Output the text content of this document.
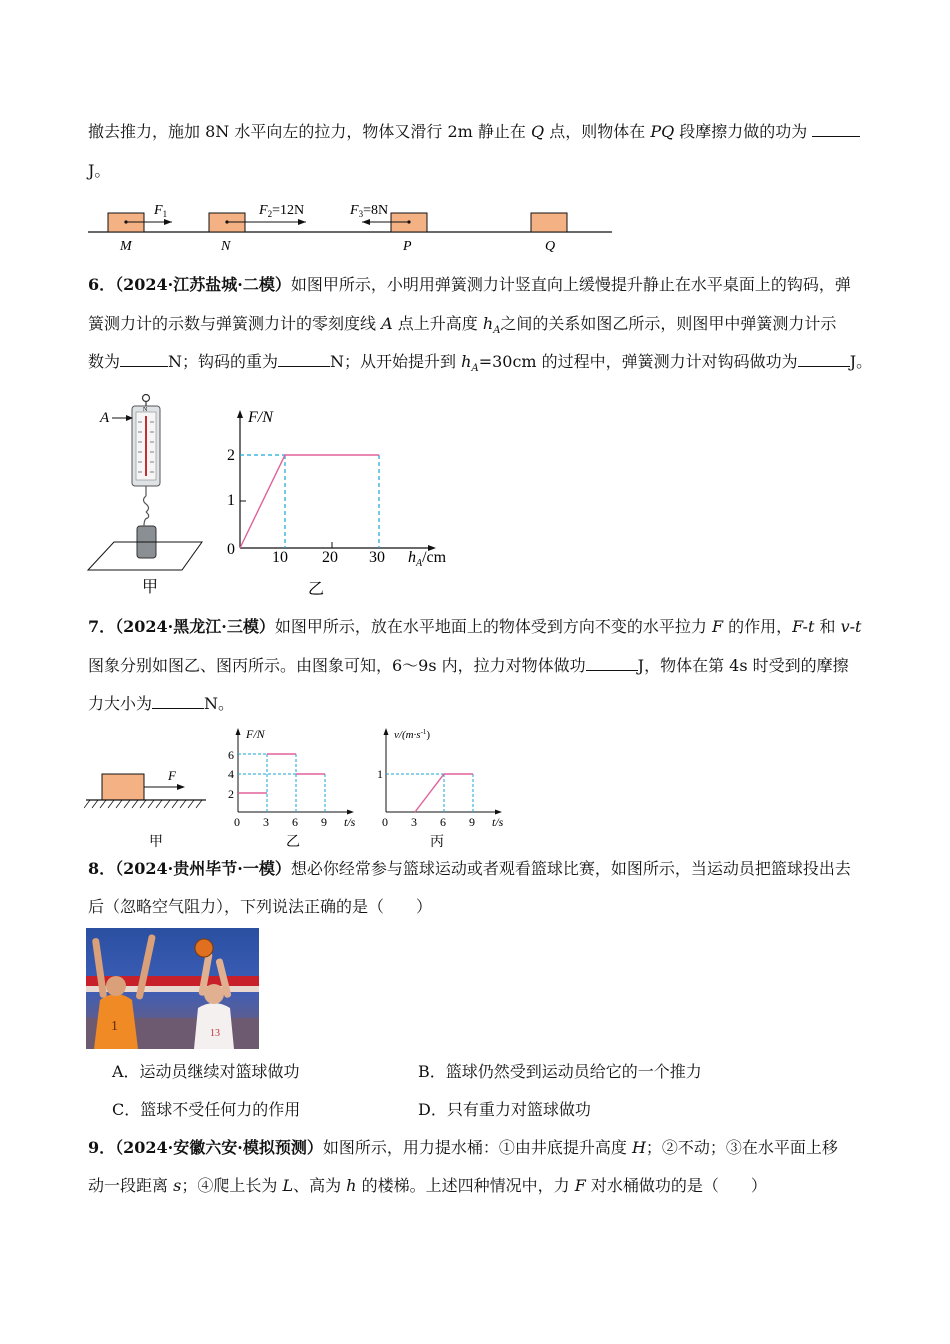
撤去推力，施加 8N 水平向左的拉力，物体又滑行 2m 静止在 Q 点，则物体在 PQ 段摩擦力做的功为
J。
$F_1$	$F_2=12N$	$F_3=8N$
M	N	P	Q
6．（2024·江苏盐城·二模）如图甲所示，小明用弹簧测力计竖直向上缓慢提升静止在水平桌面上的钩码，弹
簧测力计的示数与弹簧测力计的零刻度线 A 点上升高度 $h_A$之间的关系如图乙所示，则图甲中弹簧测力计示
数为	N；钩码的重为	N；从开始提升到 $h_A=30cm$ 的过程中，弹簧测力计对钩码做功为	J。
N
A
甲
F/N
2
1
0 10 20 30 $h_A/cm$
乙
7．（2024·黑龙江·三模）如图甲所示，放在水平地面上的物体受到方向不变的水平拉力 F 的作用，F-t 和 v-t
图象分别如图乙、图丙所示。由图象可知，6～9s 内，拉力对物体做功	J，物体在第 4s 时受到的摩擦
力大小为	N。
F
甲
F/N
6
4
2
0 3 6 9 t/s
乙
$v/(m\cdot s^{-1})$
1
0 3 6 9 t/s
丙
8．（2024·贵州毕节·一模）想必你经常参与篮球运动或者观看篮球比赛，如图所示，当运动员把篮球投出去
后（忽略空气阻力），下列说法正确的是（　　）
1	13
A．运动员继续对篮球做功	B．篮球仍然受到运动员给它的一个推力
C．篮球不受任何力的作用	D．只有重力对篮球做功
9．（2024·安徽六安·模拟预测）如图所示，用力提水桶：①由井底提升高度 H；②不动；③在水平面上移
动一段距离 s；④爬上长为 L、高为 h 的楼梯。上述四种情况中，力 F 对水桶做功的是（　　）
